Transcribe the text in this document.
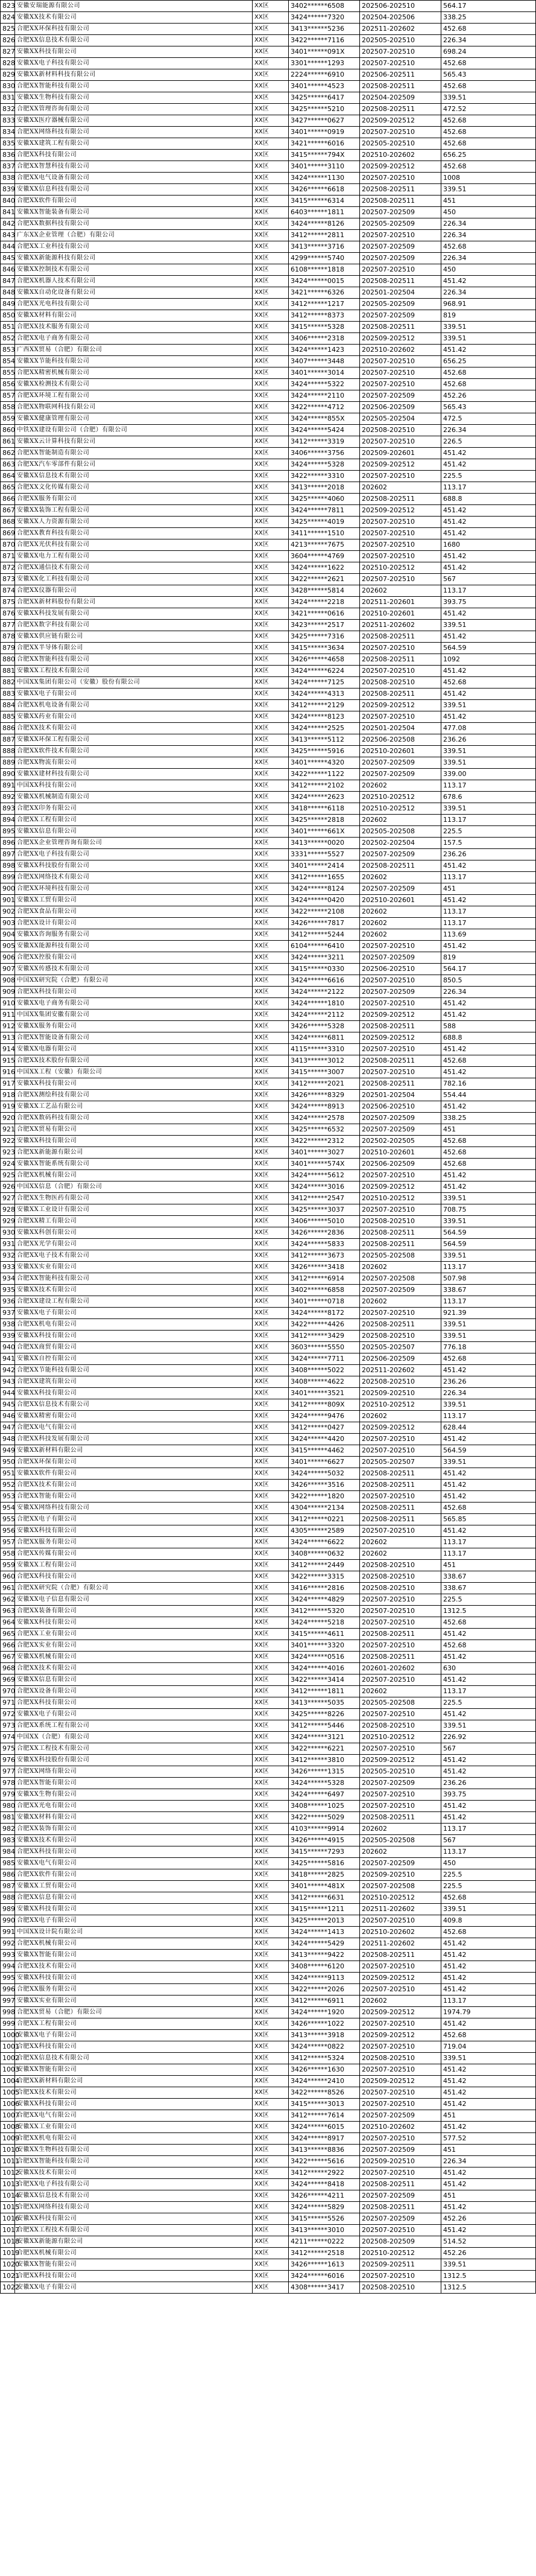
823	安徽安瑞能源有限公司	XX区	3402******6508	202506-202510	564.17
824	安徽XX技术有限公司	XX区	3424******7320	202504-202506	338.25
825	合肥XX环保科技有限公司	XX区	3413******5236	202511-202602	452.68
826	合肥XX信息技术有限公司	XX区	3422******7116	202505-202510	226.34
827	安徽XX科技有限公司	XX区	3401******091X	202507-202510	698.24
828	安徽XX电子科技有限公司	XX区	3301******1293	202507-202510	452.68
829	安徽XX新材料科技有限公司	XX区	2224******6910	202506-202511	565.43
830	合肥XX智能科技有限公司	XX区	3401******4523	202508-202511	452.68
831	安徽XX生物科技有限公司	XX区	3425******6417	202504-202509	339.51
832	合肥XX管理咨询有限公司	XX区	3425******5210	202508-202511	472.52
833	安徽XX医疗器械有限公司	XX区	3427******0627	202509-202512	452.68
834	合肥XX网络科技有限公司	XX区	3401******0919	202507-202510	452.68
835	安徽XX建筑工程有限公司	XX区	3421******6016	202505-202510	452.68
836	合肥XX科技有限公司	XX区	3415******794X	202510-202602	656.25
837	合肥XX智慧科技有限公司	XX区	3401******3110	202509-202512	452.68
838	合肥XX电气设备有限公司	XX区	3424******1130	202507-202510	1008
839	安徽XX信息科技有限公司	XX区	3426******6618	202508-202511	339.51
840	合肥XX软件有限公司	XX区	3415******6314	202508-202511	451
841	安徽XX智能装备有限公司	XX区	6403******1811	202507-202509	450
842	合肥XX数据科技有限公司	XX区	3424******8126	202505-202509	226.34
843	广东XX企业管理（合肥）有限公司	XX区	3412******2811	202507-202510	226.34
844	合肥XX工业科技有限公司	XX区	3413******3716	202507-202509	452.68
845	安徽XX新能源科技有限公司	XX区	4299******5740	202507-202509	226.34
846	安徽XX控制技术有限公司	XX区	6108******1818	202507-202510	450
847	合肥XX机器人技术有限公司	XX区	3424******0015	202508-202511	451.42
848	安徽XX自动化设备有限公司	XX区	3421******6326	202501-202504	226.34
849	合肥XX光电科技有限公司	XX区	3412******1217	202505-202509	968.91
850	安徽XX材料有限公司	XX区	3412******8373	202507-202509	819
851	合肥XX技术服务有限公司	XX区	3415******5328	202508-202511	339.51
852	合肥XX电子商务有限公司	XX区	3406******2318	202509-202512	339.51
853	广西XX贸易（合肥）有限公司	XX区	3424******1423	202510-202602	451.42
854	安徽XX节能科技有限公司	XX区	3407******3448	202507-202510	656.25
855	合肥XX精密机械有限公司	XX区	3401******3014	202507-202510	452.68
856	安徽XX检测技术有限公司	XX区	3424******5322	202507-202510	452.68
857	合肥XX环境工程有限公司	XX区	3424******2110	202507-202509	452.26
858	合肥XX物联网科技有限公司	XX区	3422******4712	202506-202509	565.43
859	安徽XX健康管理有限公司	XX区	3424******855X	202505-202504	472.5
860	中铁XX建设有限公司（合肥）有限公司	XX区	3424******5424	202508-202510	226.34
861	安徽XX云计算科技有限公司	XX区	3412******3319	202507-202510	226.5
862	合肥XX智能制造有限公司	XX区	3406******3756	202509-202601	451.42
863	合肥XX汽车零部件有限公司	XX区	3424******5328	202509-202512	451.42
864	安徽XX信息技术有限公司	XX区	3422******3310	202507-202510	225.5
865	合肥XX文化传媒有限公司	XX区	3413******2018	202602	113.17
866	合肥XX服务有限公司	XX区	3425******4060	202508-202511	688.8
867	安徽XX装饰工程有限公司	XX区	3424******7811	202509-202512	451.42
868	安徽XX人力资源有限公司	XX区	3425******4019	202507-202510	451.42
869	合肥XX教育科技有限公司	XX区	3411******1510	202507-202510	451.42
870	合肥XX光伏科技有限公司	XX区	4213******7675	202507-202510	1680
871	安徽XX电力工程有限公司	XX区	3604******4769	202507-202510	451.42
872	合肥XX通信技术有限公司	XX区	3424******1622	202510-202512	451.42
873	安徽XX化工科技有限公司	XX区	3422******2621	202507-202510	567
874	合肥XX仪器有限公司	XX区	3428******5814	202602	113.17
875	合肥XX新材料股份有限公司	XX区	3424******2218	202511-202601	393.75
876	安徽XX科技发展有限公司	XX区	3421******0616	202510-202601	451.42
877	合肥XX数字科技有限公司	XX区	3423******2517	202511-202602	339.51
878	安徽XX供应链有限公司	XX区	3425******7316	202508-202511	451.42
879	合肥XX半导体有限公司	XX区	3415******3634	202507-202510	564.59
880	合肥XX智能科技有限公司	XX区	3426******4658	202508-202511	1092
881	安徽XX工程技术有限公司	XX区	3424******6224	202507-202510	451.42
882	中国XX集团有限公司（安徽）股份有限公司	XX区	3424******7125	202508-202510	452.68
883	安徽XX电子有限公司	XX区	3424******4313	202508-202511	451.42
884	合肥XX机电设备有限公司	XX区	3412******2129	202509-202512	339.51
885	安徽XX药业有限公司	XX区	3424******8123	202507-202510	451.42
886	合肥XX技术有限公司	XX区	3424******2525	202501-202504	477.08
887	安徽XX环保工程有限公司	XX区	3413******5112	202506-202508	236.26
888	合肥XX软件技术有限公司	XX区	3425******5916	202510-202601	339.51
889	合肥XX物流有限公司	XX区	3401******4320	202507-202509	339.51
890	安徽XX建材科技有限公司	XX区	3422******1122	202507-202509	339.00
891	中国XX科技有限公司	XX区	3412******2102	202602	113.17
892	安徽XX机械制造有限公司	XX区	3424******2623	202510-202512	678.6
893	合肥XX印务有限公司	XX区	3418******6118	202510-202512	339.51
894	合肥XX工程有限公司	XX区	3425******2818	202602	113.17
895	安徽XX信息有限公司	XX区	3401******661X	202505-202508	225.5
896	合肥XX企业管理咨询有限公司	XX区	3413******0020	202502-202504	157.5
897	合肥XX电子科技有限公司	XX区	3331******5527	202507-202509	236.26
898	安徽XX科技股份有限公司	XX区	3401******2414	202508-202511	451.42
899	合肥XX网络技术有限公司	XX区	3412******1655	202602	113.17
900	合肥XX环境科技有限公司	XX区	3424******8124	202507-202509	451
901	安徽XX工贸有限公司	XX区	3424******0420	202510-202601	451.42
902	合肥XX食品有限公司	XX区	3422******2108	202602	113.17
903	合肥XX设计有限公司	XX区	3426******7817	202602	113.17
904	安徽XX咨询服务有限公司	XX区	3412******5244	202602	113.69
905	安徽XX能源科技有限公司	XX区	6104******6410	202507-202510	451.42
906	合肥XX控股有限公司	XX区	3424******3211	202507-202509	819
907	安徽XX传感技术有限公司	XX区	3415******0330	202506-202510	564.17
908	中国XX研究院（合肥）有限公司	XX区	3424******6616	202507-202510	850.5
909	合肥XX科技有限公司	XX区	3424******2122	202507-202509	226.34
910	安徽XX电子商务有限公司	XX区	3424******1810	202507-202510	451.42
911	中国XX集团安徽有限公司	XX区	3424******2112	202509-202512	451.42
912	安徽XX服务有限公司	XX区	3426******5328	202508-202511	588
913	合肥XX智能设备有限公司	XX区	3424******6811	202509-202512	688.8
914	安徽XX电器有限公司	XX区	4115******3310	202507-202510	451.42
915	合肥XX技术股份有限公司	XX区	3413******3012	202508-202511	452.68
916	中国XX工程（安徽）有限公司	XX区	3415******3007	202507-202510	451.42
917	安徽XX科技有限公司	XX区	3412******2021	202508-202511	782.16
918	合肥XX测绘科技有限公司	XX区	3426******8329	202501-202504	554.44
919	安徽XX工艺品有限公司	XX区	3424******8913	202506-202510	451.42
920	合肥XX数码科技有限公司	XX区	3424******2578	202507-202509	338.25
921	合肥XX贸易有限公司	XX区	3425******6532	202507-202509	451
922	安徽XX科技有限公司	XX区	3422******2312	202502-202505	452.68
923	合肥XX新能源有限公司	XX区	3401******3027	202510-202601	452.68
924	安徽XX智能系统有限公司	XX区	3401******574X	202506-202509	452.68
925	合肥XX机械有限公司	XX区	3424******5612	202507-202510	451.42
926	中国XX信息（合肥）有限公司	XX区	3424******3016	202509-202512	451.42
927	合肥XX生物医药有限公司	XX区	3412******2547	202510-202512	339.51
928	安徽XX工业设计有限公司	XX区	3425******3037	202507-202510	708.75
929	合肥XX精工有限公司	XX区	3406******5010	202508-202510	339.51
930	安徽XX科创有限公司	XX区	3426******2836	202508-202511	564.59
931	合肥XX光学有限公司	XX区	3424******5833	202508-202511	564.59
932	合肥XX电子技术有限公司	XX区	3412******3673	202505-202508	339.51
933	安徽XX实业有限公司	XX区	3426******3418	202602	113.17
934	合肥XX智能科技有限公司	XX区	3412******6914	202507-202508	507.98
935	安徽XX技术有限公司	XX区	3402******6858	202507-202509	338.67
936	合肥XX建设工程有限公司	XX区	3401******0718	202602	113.17
937	安徽XX电子有限公司	XX区	3424******8172	202507-202510	921.39
938	合肥XX机电有限公司	XX区	3422******4426	202508-202511	339.51
939	安徽XX科技有限公司	XX区	3412******3429	202508-202510	339.51
940	合肥XX商贸有限公司	XX区	3603******5550	202505-202507	776.18
941	安徽XX自控有限公司	XX区	3424******7711	202506-202509	452.68
942	合肥XX节能科技有限公司	XX区	3408******5022	202511-202602	451.42
943	合肥XX建筑有限公司	XX区	3408******4622	202508-202510	236.26
944	安徽XX科技有限公司	XX区	3401******3521	202509-202510	226.34
945	合肥XX信息技术有限公司	XX区	3412******809X	202510-202512	339.51
946	安徽XX精密有限公司	XX区	3424******9476	202602	113.17
947	合肥XX电气有限公司	XX区	3412******0427	202509-202512	628.44
948	合肥XX科技发展有限公司	XX区	3424******4420	202507-202510	451.42
949	安徽XX新材料有限公司	XX区	3415******4462	202507-202510	564.59
950	合肥XX环保有限公司	XX区	3401******6627	202505-202507	339.51
951	安徽XX软件有限公司	XX区	3424******5032	202508-202511	451.42
952	合肥XX技术有限公司	XX区	3426******3516	202508-202511	451.42
953	合肥XX智能有限公司	XX区	3422******1820	202507-202510	451.42
954	安徽XX网络科技有限公司	XX区	4304******2134	202508-202511	452.68
955	合肥XX电子有限公司	XX区	3412******0221	202508-202511	565.85
956	安徽XX科技有限公司	XX区	4305******2589	202507-202510	451.42
957	合肥XX服务有限公司	XX区	3424******6622	202602	113.17
958	合肥XX传媒有限公司	XX区	3408******0632	202602	113.17
959	安徽XX工程有限公司	XX区	3412******2449	202508-202510	451
960	合肥XX科技有限公司	XX区	3422******3315	202508-202510	338.67
961	合肥XX研究院（合肥）有限公司	XX区	3416******2816	202508-202510	338.67
962	安徽XX电子信息有限公司	XX区	3424******4829	202507-202510	225.5
963	合肥XX装备有限公司	XX区	3412******5320	202507-202510	1312.5
964	安徽XX科技有限公司	XX区	3424******5218	202507-202510	452.68
965	合肥XX工业有限公司	XX区	3415******4611	202508-202511	451.42
966	合肥XX实业有限公司	XX区	3401******3320	202507-202510	452.68
967	安徽XX机械有限公司	XX区	3424******0516	202508-202511	451.42
968	合肥XX技术有限公司	XX区	3424******4016	202601-202602	630
969	安徽XX信息有限公司	XX区	3422******3414	202507-202510	451.42
970	合肥XX设备有限公司	XX区	3412******1811	202602	113.17
971	合肥XX科技有限公司	XX区	3413******5035	202505-202508	225.5
972	安徽XX电子有限公司	XX区	3425******8226	202507-202510	451.42
973	合肥XX系统工程有限公司	XX区	3412******5446	202508-202510	339.51
974	中国XX（合肥）有限公司	XX区	3424******3121	202510-202512	226.92
975	合肥XX工程技术有限公司	XX区	3422******6221	202507-202510	567
976	安徽XX科技股份有限公司	XX区	3412******3810	202509-202512	451.42
977	合肥XX网络有限公司	XX区	3426******1315	202505-202510	451.42
978	合肥XX智能有限公司	XX区	3424******5328	202507-202509	236.26
979	安徽XX生物有限公司	XX区	3424******6497	202507-202510	393.75
980	合肥XX光电有限公司	XX区	3408******1025	202507-202510	451.42
981	安徽XX材料有限公司	XX区	3422******5029	202508-202511	451.42
982	合肥XX装饰有限公司	XX区	4103******9914	202602	113.17
983	安徽XX技术有限公司	XX区	3426******4915	202505-202508	567
984	合肥XX科技有限公司	XX区	3415******7293	202602	113.17
985	安徽XX电气有限公司	XX区	3425******5816	202507-202509	450
986	合肥XX软件有限公司	XX区	3418******2825	202509-202510	225.5
987	安徽XX工贸有限公司	XX区	3401******481X	202507-202508	225.5
988	合肥XX信息有限公司	XX区	3412******6631	202510-202512	452.68
989	安徽XX科技有限公司	XX区	3415******1211	202511-202602	339.51
990	合肥XX电子有限公司	XX区	3425******2013	202507-202510	409.8
991	中国XX设计院有限公司	XX区	3424******1413	202510-202602	452.68
992	合肥XX机械有限公司	XX区	3424******5429	202511-202602	451.42
993	安徽XX智能有限公司	XX区	3413******9422	202508-202511	451.42
994	合肥XX技术有限公司	XX区	3408******6120	202507-202510	451.42
995	安徽XX科技有限公司	XX区	3424******9113	202509-202512	451.42
996	合肥XX服务有限公司	XX区	3422******2026	202507-202510	451.42
997	安徽XX实业有限公司	XX区	3412******6911	202602	113.17
998	合肥XX贸易（合肥）有限公司	XX区	3424******1920	202509-202512	1974.79
999	合肥XX工程有限公司	XX区	3426******1022	202507-202510	451.42
1000	安徽XX电子有限公司	XX区	3413******3918	202509-202512	452.68
1001	合肥XX科技有限公司	XX区	3424******0822	202507-202510	719.04
1002	合肥XX信息技术有限公司	XX区	3412******5324	202508-202510	339.51
1003	安徽XX智能有限公司	XX区	3426******1630	202507-202510	451.42
1004	合肥XX新材料有限公司	XX区	3424******2410	202509-202512	451.42
1005	合肥XX技术有限公司	XX区	3422******8526	202507-202510	451.42
1006	安徽XX科技有限公司	XX区	3415******3013	202507-202510	451.42
1007	合肥XX电气有限公司	XX区	3412******7614	202507-202509	451
1008	安徽XX工业有限公司	XX区	3424******6015	202510-202602	451.42
1009	合肥XX机电有限公司	XX区	3424******8917	202507-202510	577.52
1010	安徽XX生物科技有限公司	XX区	3413******8836	202507-202509	451
1011	合肥XX智能科技有限公司	XX区	3422******5616	202509-202510	226.34
1012	安徽XX技术有限公司	XX区	3412******2922	202507-202510	451.42
1013	合肥XX电子科技有限公司	XX区	3424******8418	202508-202511	451.42
1014	安徽XX信息技术有限公司	XX区	3426******4211	202507-202509	451
1015	合肥XX网络科技有限公司	XX区	3424******5829	202508-202511	451.42
1016	安徽XX科技有限公司	XX区	3415******5526	202507-202509	452.26
1017	合肥XX工程技术有限公司	XX区	3413******3010	202507-202510	451.42
1018	安徽XX新能源有限公司	XX区	4211******0222	202508-202509	514.52
1019	合肥XX机械有限公司	XX区	3412******2518	202510-202512	452.26
1020	安徽XX智能有限公司	XX区	3426******1613	202509-202511	339.51
1021	合肥XX科技有限公司	XX区	3424******6016	202507-202510	1312.5
1022	安徽XX电子有限公司	XX区	4308******3417	202508-202510	1312.5
